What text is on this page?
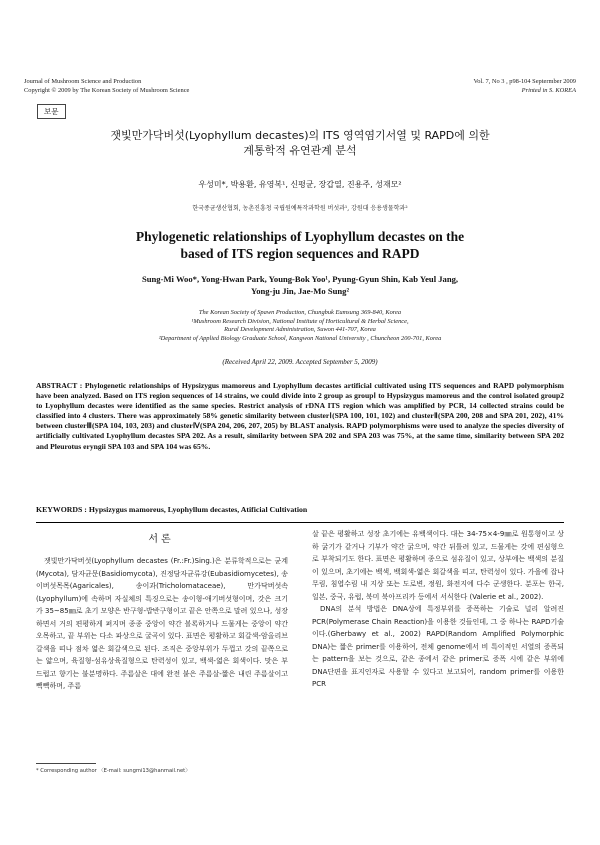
Journal of Mushroom Science and Production
Copyright © 2009 by The Korean Society of Mushroom Science
Vol. 7, No 3 , p98-104 Septermber 2009
Printed in S. KOREA
보문
잿빛만가닥버섯(Lyophyllum decastes)의 ITS 영역염기서열 및 RAPD에 의한
계통학적 유연관계 분석
우성미*, 박용환, 유영복¹, 신평균, 장갑열, 진용주, 성재모²
한국종균생산협회, 농촌진흥청 국립원예특작과학원 버섯과¹, 강원대 응용생물학과²
Phylogenetic relationships of Lyophyllum decastes on the
based of ITS region sequences and RAPD
Sung-Mi Woo*, Yong-Hwan Park, Young-Bok Yoo¹, Pyung-Gyun Shin, Kab Yeul Jang,
Yong-ju Jin, Jae-Mo Sung²
The Korean Society of Spawn Production, Chungbuk Eumsung 369-840, Korea
¹Mushroom Research Division, National Institute of Horticultural & Herbal Science,
Rural Development Administration, Suwon 441-707, Korea
²Department of Applied Biology Graduate School, Kangwon National University , Chuncheon 200-701, Korea
(Received April 22, 2009. Accepted September 5, 2009)
ABSTRACT : Phylogenetic relationships of Hypsizygus mamoreus and Lyophyllum decastes artificial cultivated using ITS sequences and RAPD polymorphism have been analyzed. Based on ITS region sequences of 14 strains, we could divide into 2 group as groupⅠ to Hypsizygus mamoreus and the control isolated group2 to Lyophyllum decastes were identified as the same species. Restrict analysis of rDNA ITS region which was amplified by PCR, 14 collected strains could be classified into 4 clusters. There was approximately 58% genetic similarity between clusterⅠ(SPA 100, 101, 102) and clusterⅡ(SPA 200, 208 and SPA 201, 202), 41% between clusterⅢ(SPA 104, 103, 203) and clusterⅣ(SPA 204, 206, 207, 205) by BLAST analysis. RAPD polymorphisms were used to analyze the species diversity of artificially cultivated Lyophyllum decastes SPA 202. As a result, similarity between SPA 202 and SPA 203 was 75%, at the same time, similarity between SPA 202 and Pleurotus eryngii SPA 103 and SPA 104 was 65%.
KEYWORDS : Hypsizygus mamoreus, Lyophyllum decastes, Atificial Cultivation
서론

잿빛만가닥버섯(Lyophyllum decastes (Fr.:Fr.)Sing.)은 분류학적으로는 균계(Mycota), 담자균문(Basidiomycota), 진정담자균류강(Eubasidiomycetes), 송이버섯목목(Agaricales), 송이과(Tricholomataceae), 만가닥버섯속(Lyophyllum)에 속하며 자실체의 특징으로는 송이형-애기버섯형이며, 갓은 크기가 35~85㎜로 초기 모양은 반구형-밥반구형이고 끝은 안쪽으로 말려 있으나, 성장하면서 거의 편평하게 펴지며 종종 중앙이 약간 볼록하거나 드물게는 중앙이 약간 오목하고, 끝 부위는 다소 파상으로 굴곡이 있다. 표면은 평활하고 회갈색-암올리브갈색을 띠나 점차 엷은 회갈색으로 된다. 조직은 중앙부위가 두껍고 갓의 끝쪽으로는 얇으며, 육질형-섬유상육질형으로 탄력성이 있고, 백색-엷은 회색이다. 맛은 부드럽고 향기는 불분명하다. 주름살은 대에 완전 붙은 주름살-짧은 내린 주름살이고 빽빽하며, 주름

살 끝은 평활하고 성장 초기에는 유백색이다. 대는 34-75×4-9㎜로 원통형이고 상하 굵기가 같거나 기부가 약간 굵으며, 약간 뒤틀려 있고, 드물게는 갓에 편심형으로 부착되기도 한다. 표면은 평활하며 종으로 섬유질이 있고, 상부에는 백색의 분질이 있으며, 초기에는 백색, 백회색-엷은 회갈색을 띠고, 탄력성이 있다. 가을에 잡나무림, 침엽수림 내 지상 또는 도로변, 정원, 화전지에 다수 군생한다. 분포는 한국, 일본, 중국, 유럽, 북미 북아프리카 등에서 서식한다 (Valerie et al., 2002).

DNA의 분석 방법은 DNA상에 특정부위를 증폭하는 기술로 널리 알려진 PCR(Polymerase Chain Reaction)을 이용한 것들인데, 그 중 하나는 RAPD기술이다.(Gherbawy et al., 2002) RAPD(Random Amplified Polymorphic DNA)는 짧은 primer를 이용하여, 전체 genome에서 비 특이적인 서열의 증폭되는 pattern을 보는 것으로, 같은 종에서 같은 primer로 증폭 시에 같은 부위에 DNA단편을 표지인자로 사용할 수 있다고 보고되어, random primer를 이용한 PCR

* Corresponding author 〈E-mail: sungmi13@hanmail.net〉
